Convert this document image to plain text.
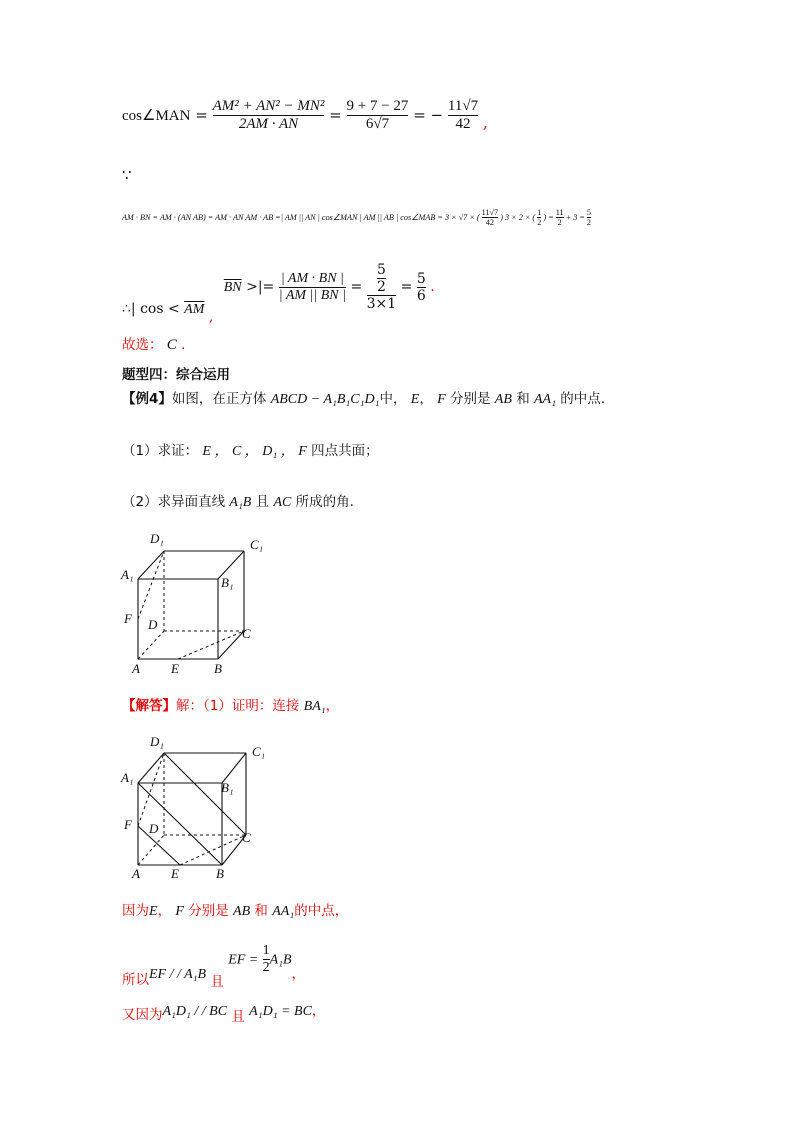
cos∠MAN = $\frac{\text{AM² + AN² − MN²}}{2AM \cdot AN} = \frac{9 + 7 - 27}{6√7}$ = − $\frac{11√7}{42}$ ,
∵
AM · BN = AM · (AN AB) = AM · AN AM · AB =| AM || AN | cos∠MAN | AM || AB | cos∠MAB = 3 × √7 × ( $\frac{11√7}{42}$ ) 3 × 2 × ( $\frac{1}{2}$ ) = $\frac{11}{2} + 3 = \frac{5}{2}$
∴| $\cos < \overline{AM}$ , $\overline{BN}$ >|= $\frac{| AM \cdot BN |}{| AM || BN |} = \frac{\frac{5}{2}}{3\times 1} = \frac{5}{6}$ .
故选： C .
题型四：综合运用
【例4】如图，在正方体 ABCD − A₁B₁C₁D₁中， E， F 分别是 AB 和 AA₁ 的中点.
（1）求证： E ， C ， D₁ ， F 四点共面；
（2）求异面直线 A₁B 且 AC 所成的角.
D₁	C₁
A₁
B₁
F D
C
A E	B
【解答】解：（1）证明：连接 BA₁，
D₁
C₁
A₁
B₁
F D
C
A E	B
因为E， F 分别是 AB 和 AA₁的中点，
所以EF / / A₁B 且 EF = $\frac{1}{2} A_1B$，
又因为A₁D₁ / / BC 且 A₁D₁ = BC，
